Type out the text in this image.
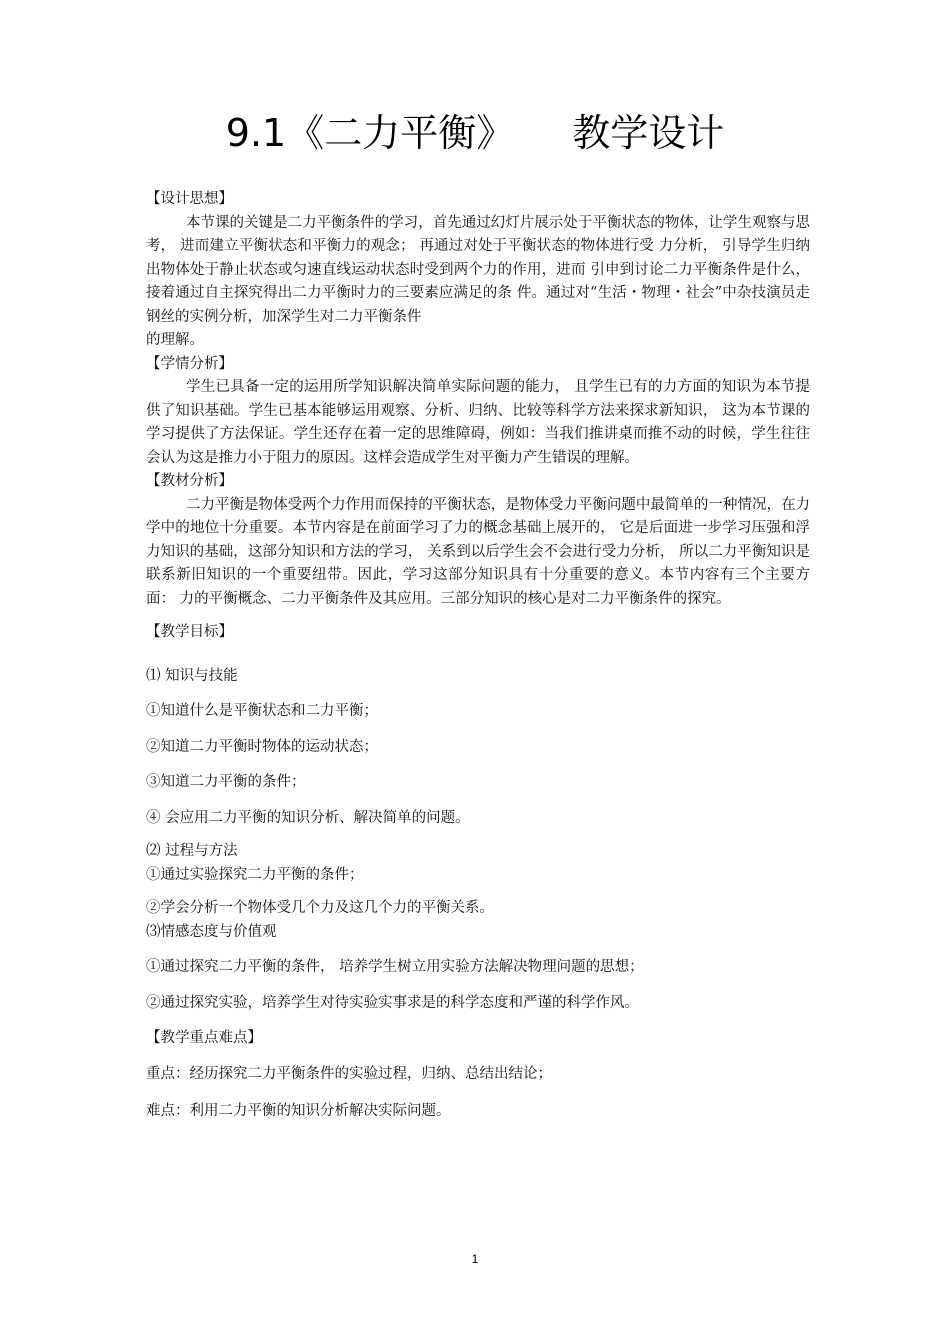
9.1《二力平衡》 教学设计

【设计思想】

本节课的关键是二力平衡条件的学习，首先通过幻灯片展示处于平衡状态的物体，让学生观察与思考， 进而建立平衡状态和平衡力的观念； 再通过对处于平衡状态的物体进行受 力分析， 引导学生归纳出物体处于静止状态或匀速直线运动状态时受到两个力的作用，进而 引申到讨论二力平衡条件是什么， 接着通过自主探究得出二力平衡时力的三要素应满足的条 件。通过对“生活・物理・社会”中杂技演员走钢丝的实例分析，加深学生对二力平衡条件

的理解。

【学情分析】

学生已具备一定的运用所学知识解决简单实际问题的能力， 且学生已有的力方面的知识为本节提供了知识基础。学生已基本能够运用观察、分析、归纳、比较等科学方法来探求新知识， 这为本节课的学习提供了方法保证。学生还存在着一定的思维障碍，例如：当我们推讲桌而推不动的时候，学生往往会认为这是推力小于阻力的原因。这样会造成学生对平衡力产生错误的理解。

【教材分析】

二力平衡是物体受两个力作用而保持的平衡状态，是物体受力平衡问题中最简单的一种情况，在力学中的地位十分重要。本节内容是在前面学习了力的概念基础上展开的， 它是后面进一步学习压强和浮力知识的基础，这部分知识和方法的学习， 关系到以后学生会不会进行受力分析， 所以二力平衡知识是联系新旧知识的一个重要纽带。因此，学习这部分知识具有十分重要的意义。本节内容有三个主要方面： 力的平衡概念、二力平衡条件及其应用。三部分知识的核心是对二力平衡条件的探究。

【教学目标】

⑴ 知识与技能

①知道什么是平衡状态和二力平衡；

②知道二力平衡时物体的运动状态；

③知道二力平衡的条件；

④ 会应用二力平衡的知识分析、解决简单的问题。

⑵ 过程与方法

①通过实验探究二力平衡的条件；

②学会分析一个物体受几个力及这几个力的平衡关系。

⑶情感态度与价值观

①通过探究二力平衡的条件， 培养学生树立用实验方法解决物理问题的思想；

②通过探究实验，培养学生对待实验实事求是的科学态度和严谨的科学作风。

【教学重点难点】

重点：经历探究二力平衡条件的实验过程，归纳、总结出结论；

难点：利用二力平衡的知识分析解决实际问题。

1
